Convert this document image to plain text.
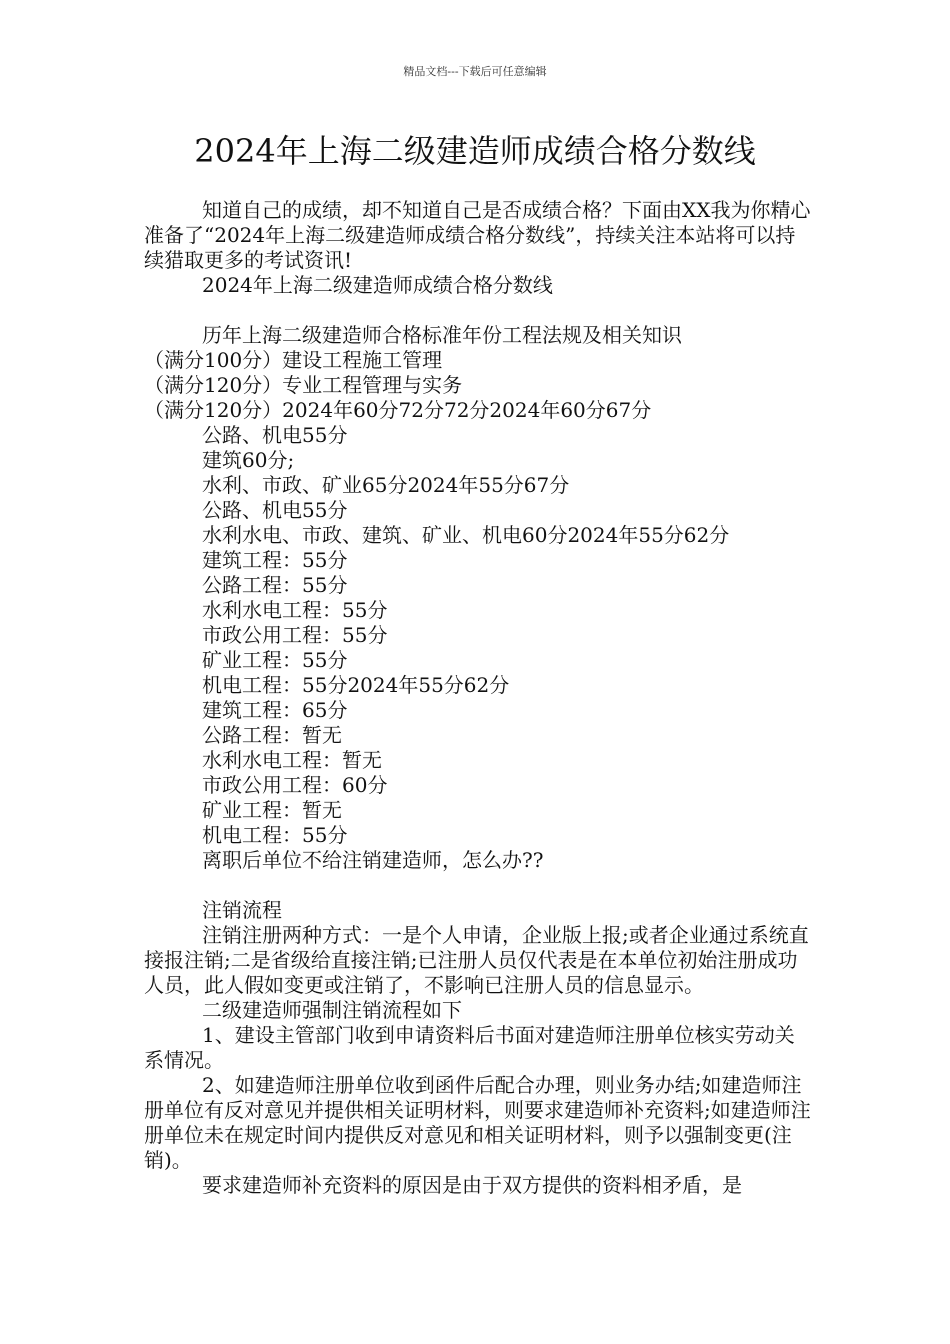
精品文档---下载后可任意编辑
2024年上海二级建造师成绩合格分数线

知道自己的成绩，却不知道自己是否成绩合格？下面由XX我为你精心准备了“2024年上海二级建造师成绩合格分数线”，持续关注本站将可以持续猎取更多的考试资讯!

2024年上海二级建造师成绩合格分数线

历年上海二级建造师合格标准年份工程法规及相关知识

（满分100分）建设工程施工管理

（满分120分）专业工程管理与实务

（满分120分）2024年60分72分72分2024年60分67分

公路、机电55分

建筑60分;

水利、市政、矿业65分2024年55分67分

公路、机电55分

水利水电、市政、建筑、矿业、机电60分2024年55分62分

建筑工程：55分

公路工程：55分

水利水电工程：55分

市政公用工程：55分

矿业工程：55分

机电工程：55分2024年55分62分

建筑工程：65分

公路工程：暂无

水利水电工程：暂无

市政公用工程：60分

矿业工程：暂无

机电工程：55分

离职后单位不给注销建造师，怎么办??

注销流程

注销注册两种方式：一是个人申请，企业版上报;或者企业通过系统直接报注销;二是省级给直接注销;已注册人员仅代表是在本单位初始注册成功人员，此人假如变更或注销了，不影响已注册人员的信息显示。

二级建造师强制注销流程如下

1、建设主管部门收到申请资料后书面对建造师注册单位核实劳动关系情况。

2、如建造师注册单位收到函件后配合办理，则业务办结;如建造师注册单位有反对意见并提供相关证明材料，则要求建造师补充资料;如建造师注册单位未在规定时间内提供反对意见和相关证明材料，则予以强制变更(注销)。

要求建造师补充资料的原因是由于双方提供的资料相矛盾，是
